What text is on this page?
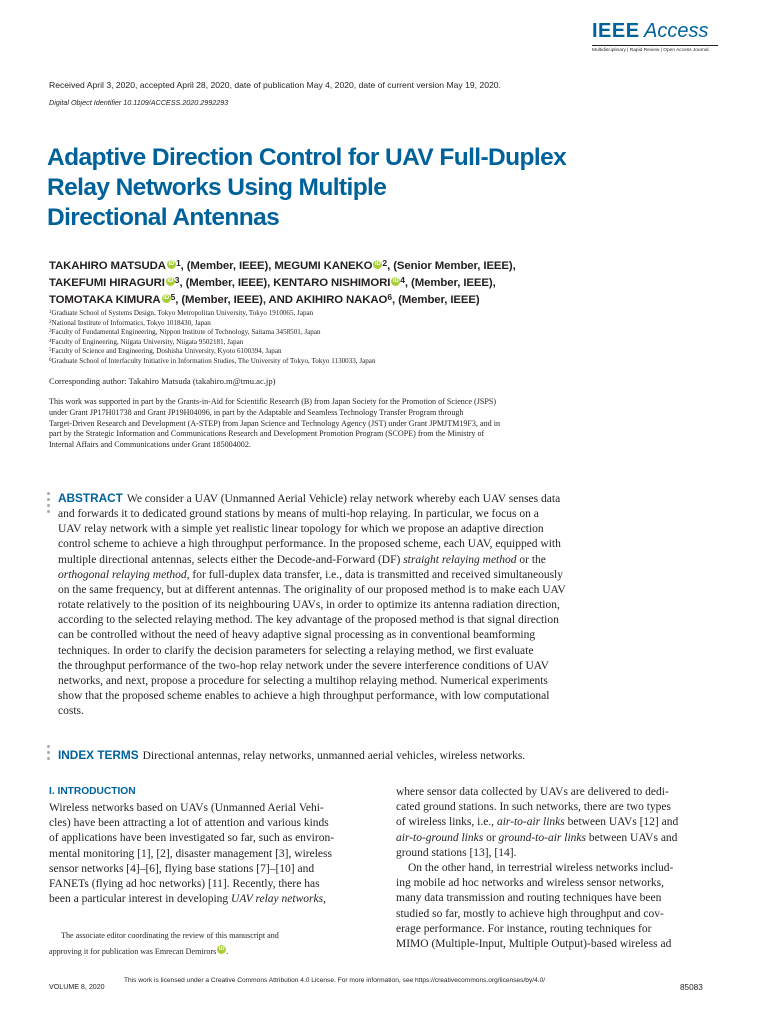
IEEE Access
Multidisciplinary | Rapid Review | Open Access Journal
Received April 3, 2020, accepted April 28, 2020, date of publication May 4, 2020, date of current version May 19, 2020.
Digital Object Identifier 10.1109/ACCESS.2020.2992293
Adaptive Direction Control for UAV Full-Duplex
Relay Networks Using Multiple
Directional Antennas
TAKAHIRO MATSUDA iD $^1$, (Member, IEEE), MEGUMI KANEKO iD $^2$, (Senior Member, IEEE),
TAKEFUMI HIRAGURI iD $^3$, (Member, IEEE), KENTARO NISHIMORI iD $^4$, (Member, IEEE),
TOMOTAKA KIMURA iD $^5$, (Member, IEEE), AND AKIHIRO NAKAO$^6$, (Member, IEEE)
$^1$Graduate School of Systems Design, Tokyo Metropolitan University, Tokyo 1910065, Japan
$^2$National Institute of Informatics, Tokyo 1018430, Japan
$^3$Faculty of Fundamental Engineering, Nippon Institute of Technology, Saitama 3458501, Japan
$^4$Faculty of Engineering, Niigata University, Niigata 9502181, Japan
$^5$Faculty of Science and Engineering, Doshisha University, Kyoto 6100394, Japan
$^6$Graduate School of Interfaculty Initiative in Information Studies, The University of Tokyo, Tokyo 1130033, Japan
Corresponding author: Takahiro Matsuda (takahiro.m@tmu.ac.jp)
This work was supported in part by the Grants-in-Aid for Scientific Research (B) from Japan Society for the Promotion of Science (JSPS)
under Grant JP17H01738 and Grant JP19H04096, in part by the Adaptable and Seamless Technology Transfer Program through
Target-Driven Research and Development (A-STEP) from Japan Science and Technology Agency (JST) under Grant JPMJTM19F3, and in
part by the Strategic Information and Communications Research and Development Promotion Program (SCOPE) from the Ministry of
Internal Affairs and Communications under Grant 185004002.
ABSTRACT We consider a UAV (Unmanned Aerial Vehicle) relay network whereby each UAV senses data
and forwards it to dedicated ground stations by means of multi-hop relaying. In particular, we focus on a
UAV relay network with a simple yet realistic linear topology for which we propose an adaptive direction
control scheme to achieve a high throughput performance. In the proposed scheme, each UAV, equipped with
multiple directional antennas, selects either the Decode-and-Forward (DF) straight relaying method or the
orthogonal relaying method, for full-duplex data transfer, i.e., data is transmitted and received simultaneously
on the same frequency, but at different antennas. The originality of our proposed method is to make each UAV
rotate relatively to the position of its neighbouring UAVs, in order to optimize its antenna radiation direction,
according to the selected relaying method. The key advantage of the proposed method is that signal direction
can be controlled without the need of heavy adaptive signal processing as in conventional beamforming
techniques. In order to clarify the decision parameters for selecting a relaying method, we first evaluate
the throughput performance of the two-hop relay network under the severe interference conditions of UAV
networks, and next, propose a procedure for selecting a multihop relaying method. Numerical experiments
show that the proposed scheme enables to achieve a high throughput performance, with low computational
costs.
INDEX TERMS Directional antennas, relay networks, unmanned aerial vehicles, wireless networks.
I. INTRODUCTION
Wireless networks based on UAVs (Unmanned Aerial Vehi-
cles) have been attracting a lot of attention and various kinds
of applications have been investigated so far, such as environ-
mental monitoring [1], [2], disaster management [3], wireless
sensor networks [4]–[6], flying base stations [7]–[10] and
FANETs (flying ad hoc networks) [11]. Recently, there has
been a particular interest in developing UAV relay networks,
where sensor data collected by UAVs are delivered to dedi-
cated ground stations. In such networks, there are two types
of wireless links, i.e., air-to-air links between UAVs [12] and
air-to-ground links or ground-to-air links between UAVs and
ground stations [13], [14].
On the other hand, in terrestrial wireless networks includ-
ing mobile ad hoc networks and wireless sensor networks,
many data transmission and routing techniques have been
studied so far, mostly to achieve high throughput and cov-
erage performance. For instance, routing techniques for
MIMO (Multiple-Input, Multiple Output)-based wireless ad
The associate editor coordinating the review of this manuscript and
approving it for publication was Emrecan Demirors iD .
VOLUME 8, 2020
This work is licensed under a Creative Commons Attribution 4.0 License. For more information, see https://creativecommons.org/licenses/by/4.0/
85083
